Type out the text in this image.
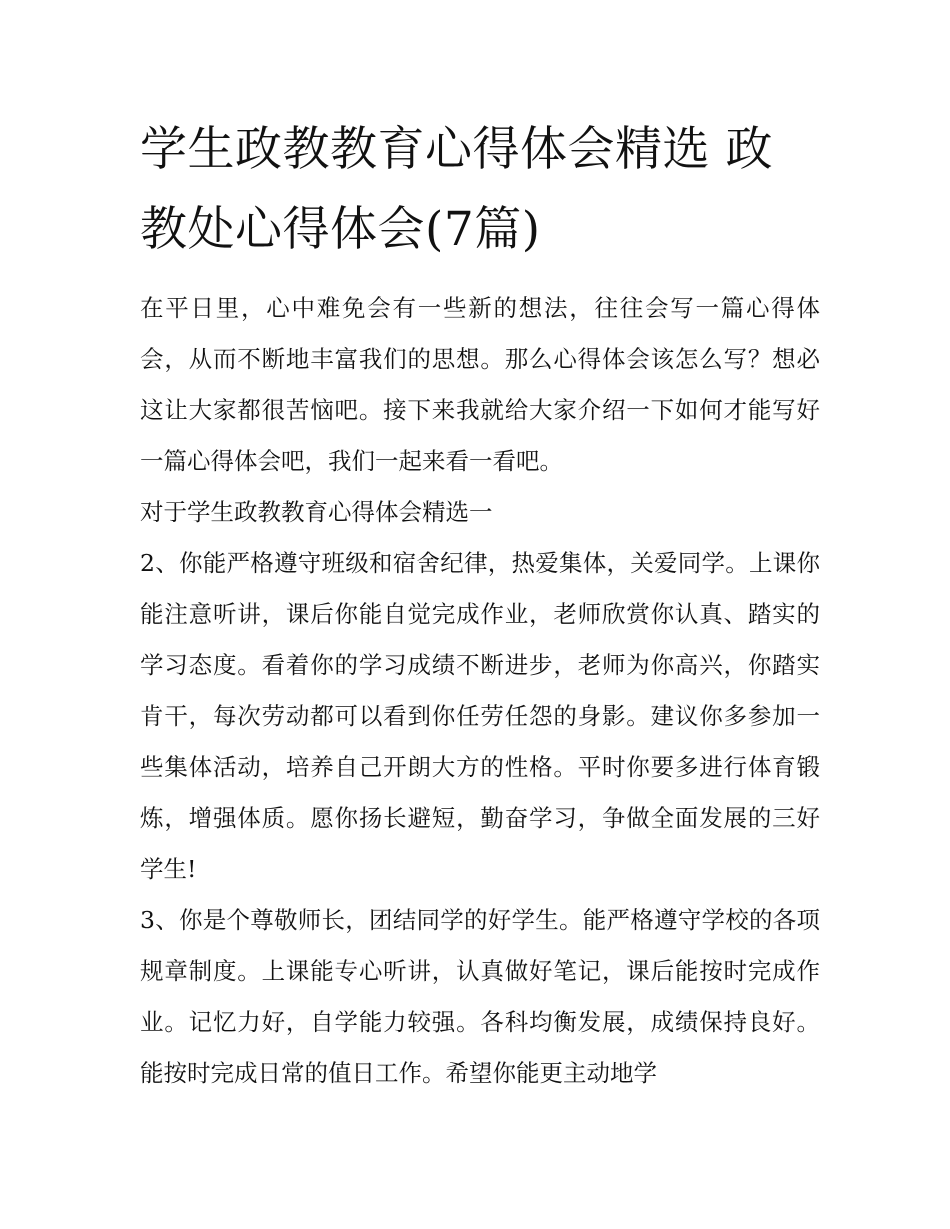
学生政教教育心得体会精选 政教处心得体会(7篇)

在平日里，心中难免会有一些新的想法，往往会写一篇心得体会，从而不断地丰富我们的思想。那么心得体会该怎么写？想必这让大家都很苦恼吧。接下来我就给大家介绍一下如何才能写好一篇心得体会吧，我们一起来看一看吧。

对于学生政教教育心得体会精选一

2、你能严格遵守班级和宿舍纪律，热爱集体，关爱同学。上课你能注意听讲，课后你能自觉完成作业，老师欣赏你认真、踏实的学习态度。看着你的学习成绩不断进步，老师为你高兴，你踏实肯干，每次劳动都可以看到你任劳任怨的身影。建议你多参加一些集体活动，培养自己开朗大方的性格。平时你要多进行体育锻炼，增强体质。愿你扬长避短，勤奋学习，争做全面发展的三好学生!

3、你是个尊敬师长，团结同学的好学生。能严格遵守学校的各项规章制度。上课能专心听讲，认真做好笔记，课后能按时完成作业。记忆力好，自学能力较强。各科均衡发展，成绩保持良好。能按时完成日常的值日工作。希望你能更主动地学
